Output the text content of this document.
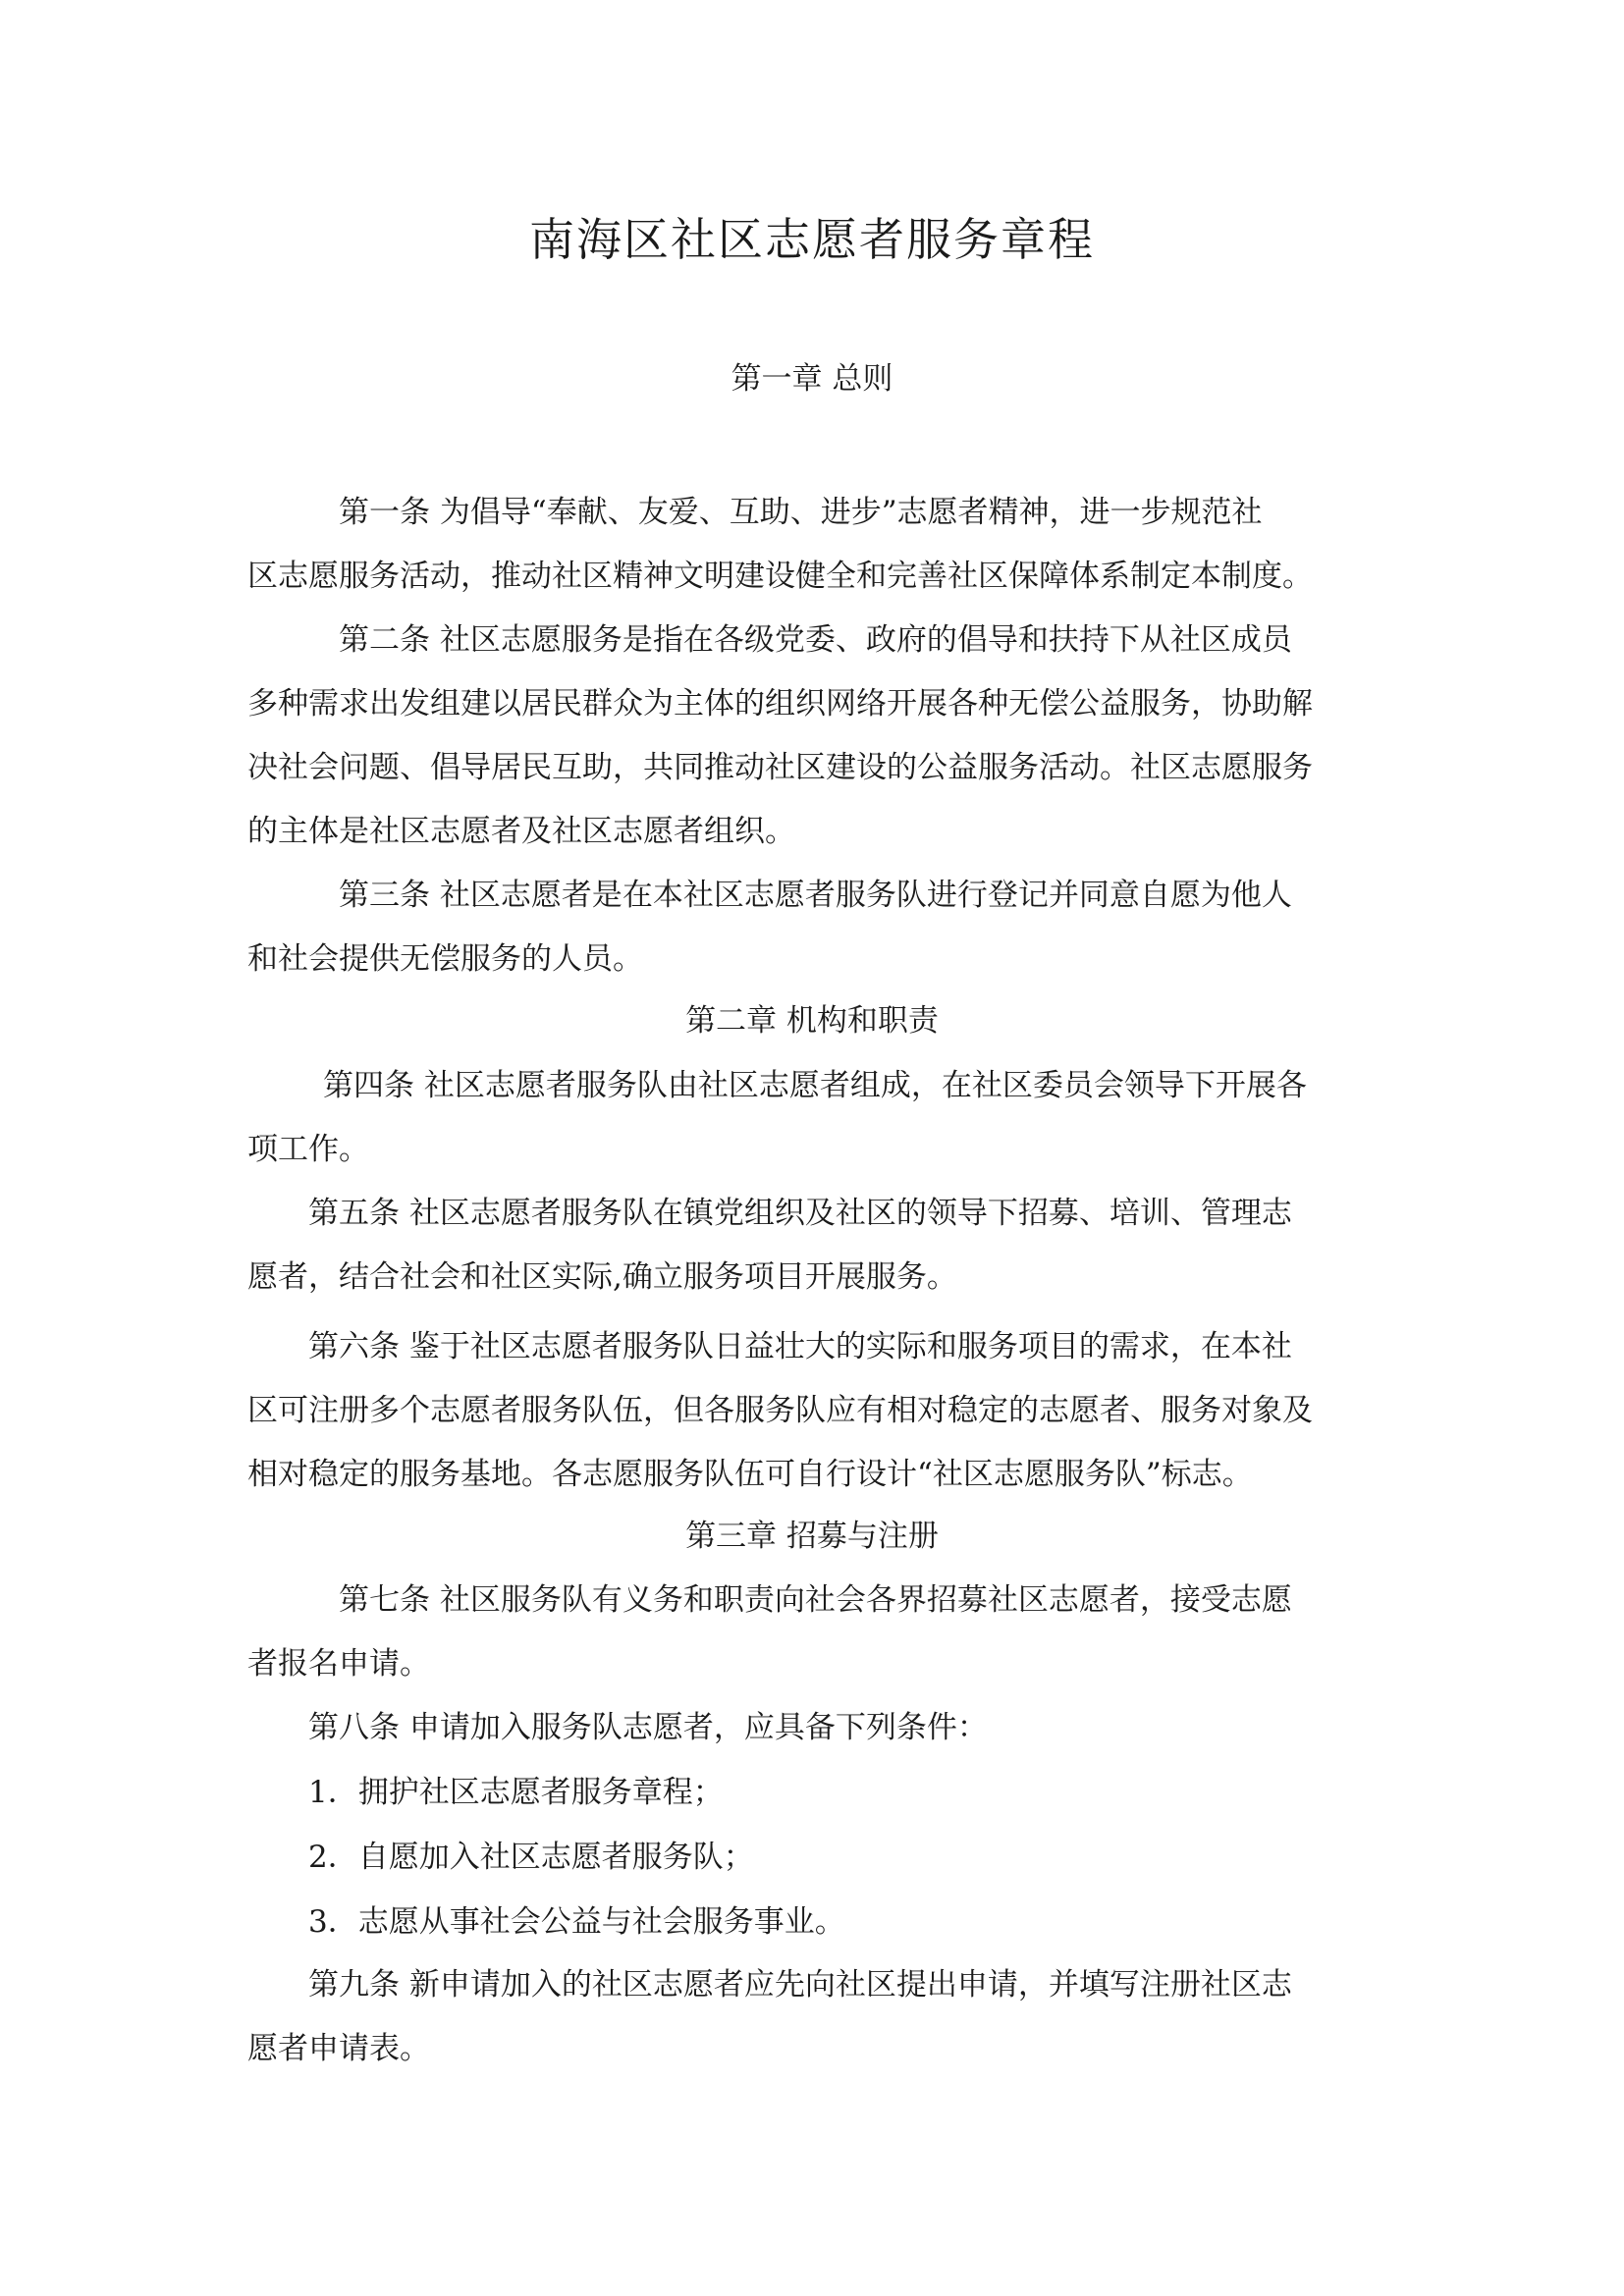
南海区社区志愿者服务章程
第一章 总则
第一条 为倡导“奉献、友爱、互助、进步”志愿者精神，进一步规范社
区志愿服务活动，推动社区精神文明建设健全和完善社区保障体系制定本制度。
第二条 社区志愿服务是指在各级党委、政府的倡导和扶持下从社区成员
多种需求出发组建以居民群众为主体的组织网络开展各种无偿公益服务，协助解
决社会问题、倡导居民互助，共同推动社区建设的公益服务活动。社区志愿服务
的主体是社区志愿者及社区志愿者组织。
第三条 社区志愿者是在本社区志愿者服务队进行登记并同意自愿为他人
和社会提供无偿服务的人员。
第二章 机构和职责
第四条 社区志愿者服务队由社区志愿者组成，在社区委员会领导下开展各
项工作。
第五条 社区志愿者服务队在镇党组织及社区的领导下招募、培训、管理志
愿者，结合社会和社区实际,确立服务项目开展服务。
第六条 鉴于社区志愿者服务队日益壮大的实际和服务项目的需求，在本社
区可注册多个志愿者服务队伍，但各服务队应有相对稳定的志愿者、服务对象及
相对稳定的服务基地。各志愿服务队伍可自行设计“社区志愿服务队”标志。
第三章 招募与注册
第七条 社区服务队有义务和职责向社会各界招募社区志愿者，接受志愿
者报名申请。
第八条 申请加入服务队志愿者，应具备下列条件：
1．拥护社区志愿者服务章程；
2．自愿加入社区志愿者服务队；
3．志愿从事社会公益与社会服务事业。
第九条 新申请加入的社区志愿者应先向社区提出申请，并填写注册社区志
愿者申请表。
